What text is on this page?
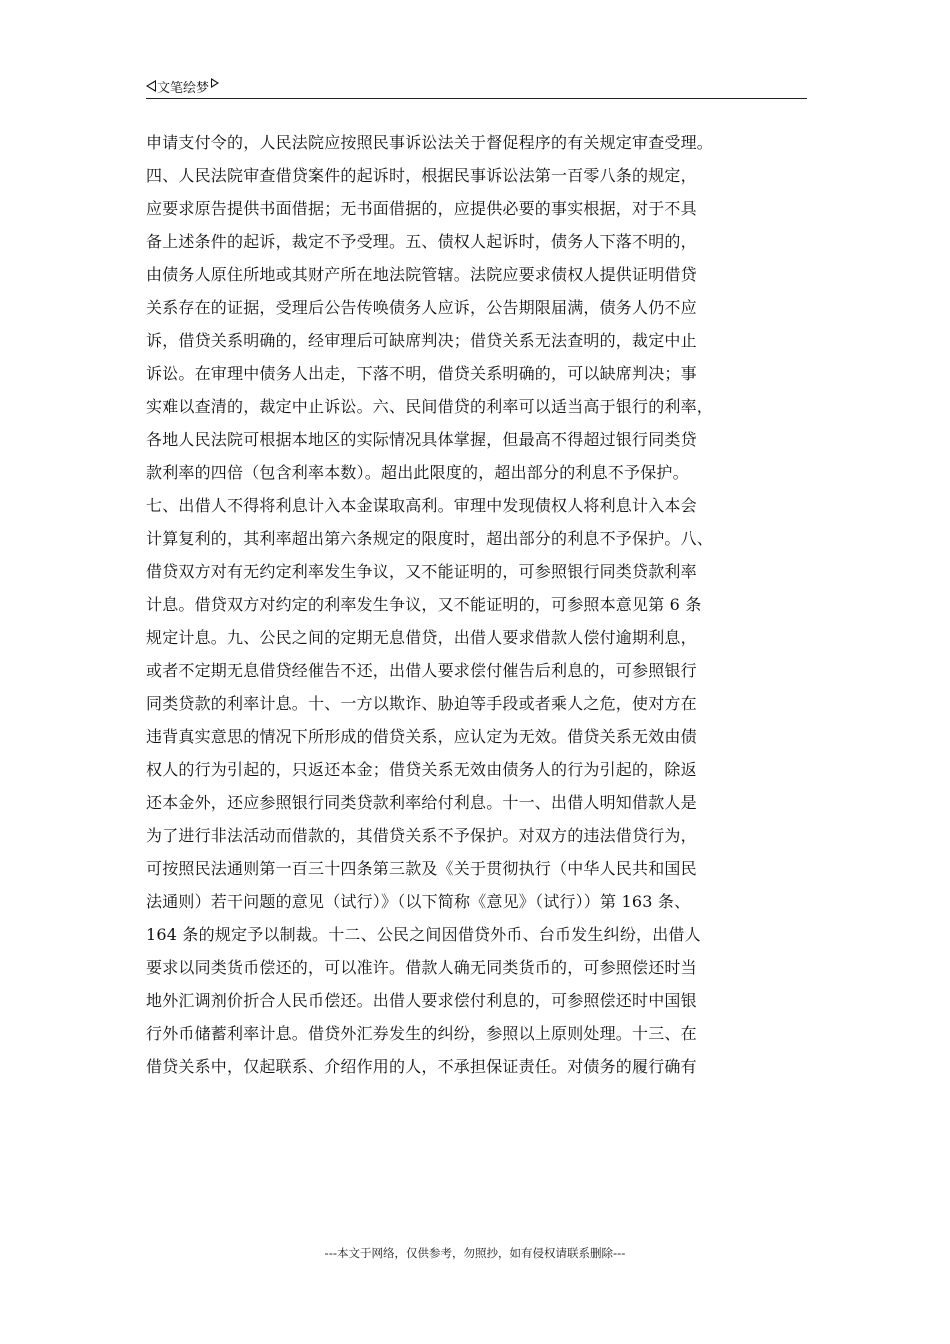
文笔绘梦
申请支付令的，人民法院应按照民事诉讼法关于督促程序的有关规定审查受理。
四、人民法院审查借贷案件的起诉时，根据民事诉讼法第一百零八条的规定，
应要求原告提供书面借据；无书面借据的，应提供必要的事实根据，对于不具
备上述条件的起诉，裁定不予受理。五、债权人起诉时，债务人下落不明的，
由债务人原住所地或其财产所在地法院管辖。法院应要求债权人提供证明借贷
关系存在的证据，受理后公告传唤债务人应诉，公告期限届满，债务人仍不应
诉，借贷关系明确的，经审理后可缺席判决；借贷关系无法查明的，裁定中止
诉讼。在审理中债务人出走，下落不明，借贷关系明确的，可以缺席判决；事
实难以查清的，裁定中止诉讼。六、民间借贷的利率可以适当高于银行的利率，
各地人民法院可根据本地区的实际情况具体掌握，但最高不得超过银行同类贷
款利率的四倍（包含利率本数）。超出此限度的，超出部分的利息不予保护。
七、出借人不得将利息计入本金谋取高利。审理中发现债权人将利息计入本会
计算复利的，其利率超出第六条规定的限度时，超出部分的利息不予保护。八、
借贷双方对有无约定利率发生争议，又不能证明的，可参照银行同类贷款利率
计息。借贷双方对约定的利率发生争议，又不能证明的，可参照本意见第 6 条
规定计息。九、公民之间的定期无息借贷，出借人要求借款人偿付逾期利息，
或者不定期无息借贷经催告不还，出借人要求偿付催告后利息的，可参照银行
同类贷款的利率计息。十、一方以欺诈、胁迫等手段或者乘人之危，使对方在
违背真实意思的情况下所形成的借贷关系，应认定为无效。借贷关系无效由债
权人的行为引起的，只返还本金；借贷关系无效由债务人的行为引起的，除返
还本金外，还应参照银行同类贷款利率给付利息。十一、出借人明知借款人是
为了进行非法活动而借款的，其借贷关系不予保护。对双方的违法借贷行为，
可按照民法通则第一百三十四条第三款及《关于贯彻执行（中华人民共和国民
法通则）若干问题的意见（试行）》（以下简称《意见》（试行））第 163 条、
164 条的规定予以制裁。十二、公民之间因借贷外币、台币发生纠纷，出借人
要求以同类货币偿还的，可以准许。借款人确无同类货币的，可参照偿还时当
地外汇调剂价折合人民币偿还。出借人要求偿付利息的，可参照偿还时中国银
行外币储蓄利率计息。借贷外汇券发生的纠纷，参照以上原则处理。十三、在
借贷关系中，仅起联系、介绍作用的人，不承担保证责任。对债务的履行确有
---本文于网络，仅供参考，勿照抄，如有侵权请联系删除---
